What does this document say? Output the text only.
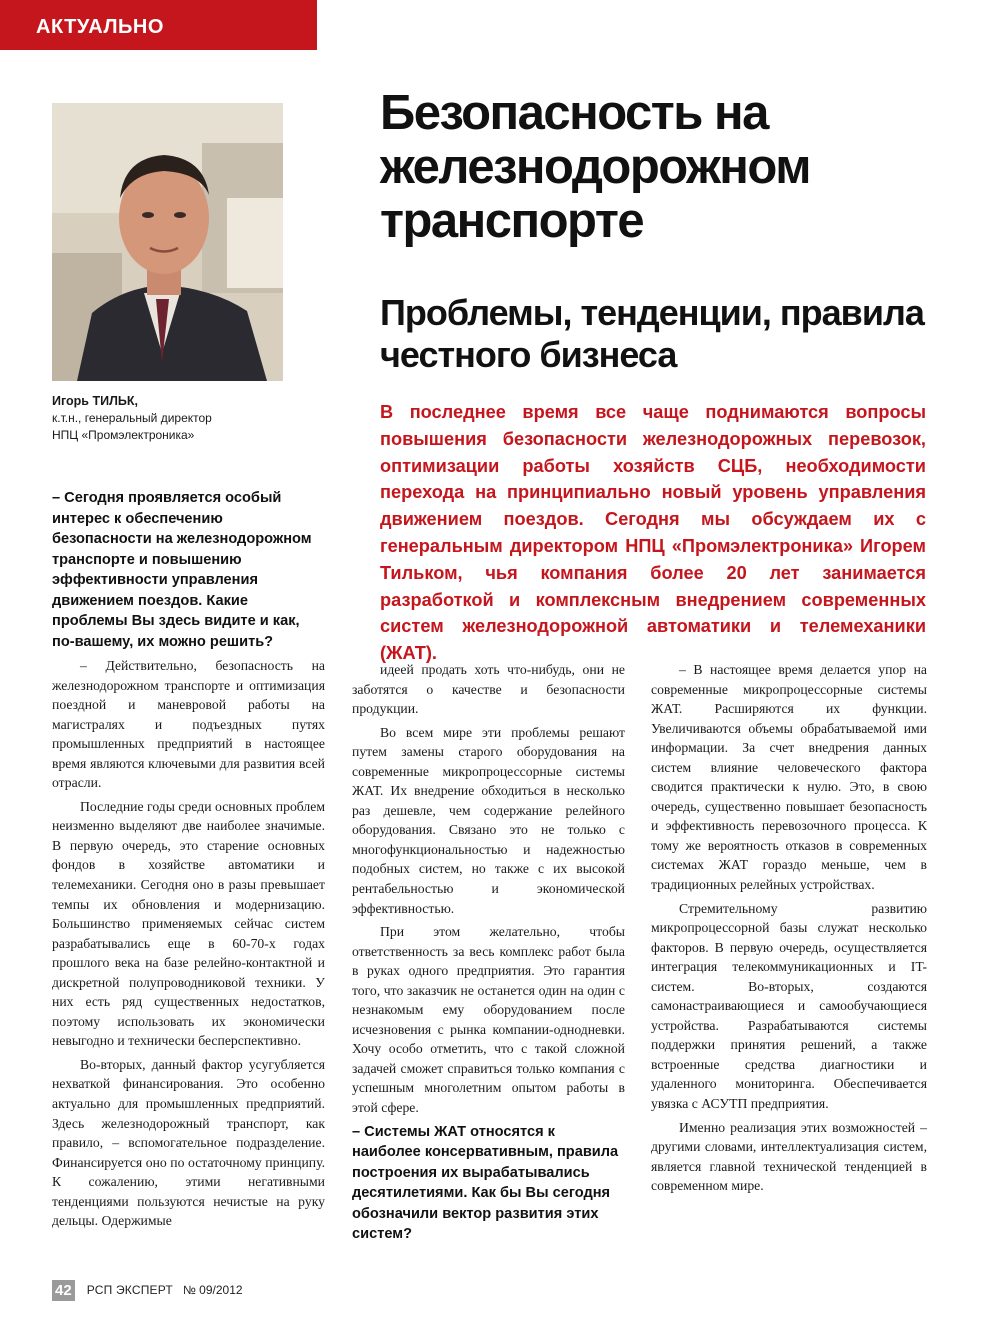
АКТУАЛЬНО
Игорь ТИЛЬК,
к.т.н., генеральный директор
НПЦ «Промэлектроника»
Безопасность на железнодорожном транспорте
Проблемы, тенденции, правила честного бизнеса

В последнее время все чаще поднимаются вопросы повышения безопасности железнодорожных перевозок, оптимизации работы хозяйств СЦБ, необходимости перехода на принципиально новый уровень управления движением поездов. Сегодня мы обсуждаем их с генеральным директором НПЦ «Промэлектроника» Игорем Тильком, чья компания более 20 лет занимается разработкой и комплексным внедрением современных систем железнодорожной автоматики и телемеханики (ЖАТ).

– Сегодня проявляется особый интерес к обеспечению безопасности на железнодорожном транспорте и повышению эффективности управления движением поездов. Какие проблемы Вы здесь видите и как, по-вашему, их можно решить?

– Действительно, безопасность на железнодорожном транспорте и оптимизация поездной и маневровой работы на магистралях и подъездных путях промышленных предприятий в настоящее время являются ключевыми для развития всей отрасли.

Последние годы среди основных проблем неизменно выделяют две наиболее значимые. В первую очередь, это старение основных фондов в хозяйстве автоматики и телемеханики. Сегодня оно в разы превышает темпы их обновления и модернизацию. Большинство применяемых сейчас систем разрабатывались еще в 60-70-х годах прошлого века на базе релейно-контактной и дискретной полупроводниковой техники. У них есть ряд существенных недостатков, поэтому использовать их экономически невыгодно и технически бесперспективно.

Во-вторых, данный фактор усугубляется нехваткой финансирования. Это особенно актуально для промышленных предприятий. Здесь железнодорожный транспорт, как правило, – вспомогательное подразделение. Финансируется оно по остаточному принципу. К сожалению, этими негативными тенденциями пользуются нечистые на руку дельцы. Одержимые

идеей продать хоть что-нибудь, они не заботятся о качестве и безопасности продукции.

Во всем мире эти проблемы решают путем замены старого оборудования на современные микропроцессорные системы ЖАТ. Их внедрение обходиться в несколько раз дешевле, чем содержание релейного оборудования. Связано это не только с многофункциональностью и надежностью подобных систем, но также с их высокой рентабельностью и экономической эффективностью.

При этом желательно, чтобы ответственность за весь комплекс работ была в руках одного предприятия. Это гарантия того, что заказчик не останется один на один с незнакомым ему оборудованием после исчезновения с рынка компании-однодневки. Хочу особо отметить, что с такой сложной задачей сможет справиться только компания с успешным многолетним опытом работы в этой сфере.

– Системы ЖАТ относятся к наиболее консервативным, правила построения их вырабатывались десятилетиями. Как бы Вы сегодня обозначили вектор развития этих систем?

– В настоящее время делается упор на современные микропроцессорные системы ЖАТ. Расширяются их функции. Увеличиваются объемы обрабатываемой ими информации. За счет внедрения данных систем влияние человеческого фактора сводится практически к нулю. Это, в свою очередь, существенно повышает безопасность и эффективность перевозочного процесса. К тому же вероятность отказов в современных системах ЖАТ гораздо меньше, чем в традиционных релейных устройствах.

Стремительному развитию микропроцессорной базы служат несколько факторов. В первую очередь, осуществляется интеграция телекоммуникационных и IT-систем. Во-вторых, создаются самонастраивающиеся и самообучающиеся устройства. Разрабатываются системы поддержки принятия решений, а также встроенные средства диагностики и удаленного мониторинга. Обеспечивается увязка с АСУТП предприятия.

Именно реализация этих возможностей – другими словами, интеллектуализация систем, является главной технической тенденцией в современном мире.

42 РСП ЭКСПЕРТ № 09/2012
